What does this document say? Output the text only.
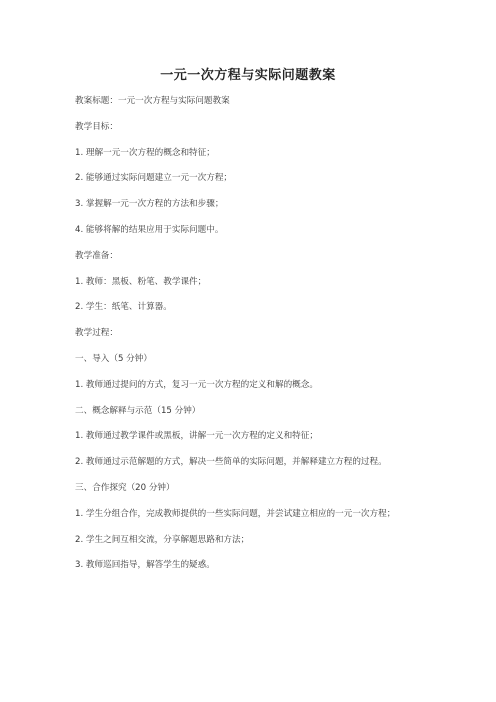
一元一次方程与实际问题教案

教案标题：一元一次方程与实际问题教案

教学目标：

1. 理解一元一次方程的概念和特征；

2. 能够通过实际问题建立一元一次方程；

3. 掌握解一元一次方程的方法和步骤；

4. 能够将解的结果应用于实际问题中。

教学准备：

1. 教师：黑板、粉笔、教学课件；

2. 学生：纸笔、计算器。

教学过程：

一、导入（5 分钟）

1. 教师通过提问的方式，复习一元一次方程的定义和解的概念。

二、概念解释与示范（15 分钟）

1. 教师通过教学课件或黑板，讲解一元一次方程的定义和特征；

2. 教师通过示范解题的方式，解决一些简单的实际问题，并解释建立方程的过程。

三、合作探究（20 分钟）

1. 学生分组合作，完成教师提供的一些实际问题，并尝试建立相应的一元一次方程；

2. 学生之间互相交流，分享解题思路和方法；

3. 教师巡回指导，解答学生的疑惑。
